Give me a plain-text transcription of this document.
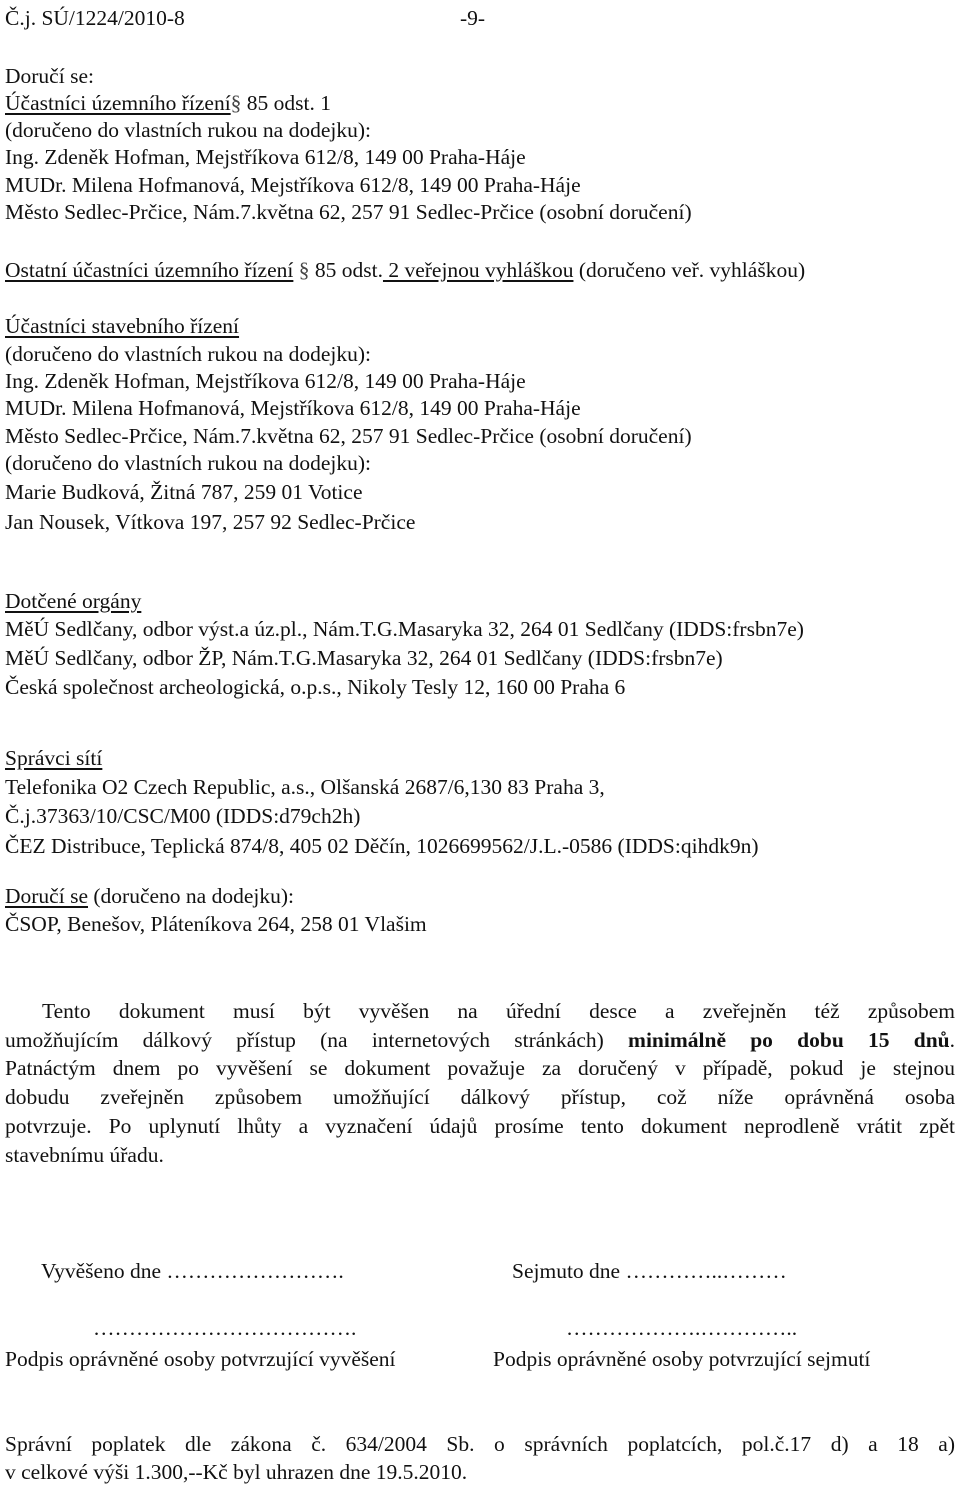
Č.j. SÚ/1224/2010-8	-9-
Doručí se:
Účastníci územního řízení§ 85 odst. 1
(doručeno do vlastních rukou na dodejku):
Ing. Zdeněk Hofman, Mejstříkova 612/8, 149 00 Praha-Háje
MUDr. Milena Hofmanová, Mejstříkova 612/8, 149 00 Praha-Háje
Město Sedlec-Prčice, Nám.7.května 62, 257 91 Sedlec-Prčice (osobní doručení)
Ostatní účastníci územního řízení § 85 odst. 2 veřejnou vyhláškou (doručeno veř. vyhláškou)
Účastníci stavebního řízení
(doručeno do vlastních rukou na dodejku):
Ing. Zdeněk Hofman, Mejstříkova 612/8, 149 00 Praha-Háje
MUDr. Milena Hofmanová, Mejstříkova 612/8, 149 00 Praha-Háje
Město Sedlec-Prčice, Nám.7.května 62, 257 91 Sedlec-Prčice (osobní doručení)
(doručeno do vlastních rukou na dodejku):
Marie Budková, Žitná 787, 259 01 Votice
Jan Nousek, Vítkova 197, 257 92 Sedlec-Prčice
Dotčené orgány
MěÚ Sedlčany, odbor výst.a úz.pl., Nám.T.G.Masaryka 32, 264 01 Sedlčany (IDDS:frsbn7e)
MěÚ Sedlčany, odbor ŽP, Nám.T.G.Masaryka 32, 264 01 Sedlčany (IDDS:frsbn7e)
Česká společnost archeologická, o.p.s., Nikoly Tesly 12, 160 00 Praha 6
Správci sítí
Telefonika O2 Czech Republic, a.s., Olšanská 2687/6,130 83 Praha 3,
Č.j.37363/10/CSC/M00 (IDDS:d79ch2h)
ČEZ Distribuce, Teplická 874/8, 405 02 Děčín, 1026699562/J.L.-0586 (IDDS:qihdk9n)
Doručí se (doručeno na dodejku):
ČSOP, Benešov, Pláteníkova 264, 258 01 Vlašim
Tento dokument musí být vyvěšen na úřední desce a zveřejněn též způsobem
umožňujícím dálkový přístup (na internetových stránkách) minimálně po dobu 15 dnů.
Patnáctým dnem po vyvěšení se dokument považuje za doručený v případě, pokud je stejnou
dobudu zveřejněn způsobem umožňující dálkový přístup, což níže oprávněná osoba
potvrzuje. Po uplynutí lhůty a vyznačení údajů prosíme tento dokument neprodleně vrátit zpět
stavebnímu úřadu.
Vyvěšeno dne …………………….	Sejmuto dne …………..………
……………………………….	……………….…………..
Podpis oprávněné osoby potvrzující vyvěšení	Podpis oprávněné osoby potvrzující sejmutí
Správní poplatek dle zákona č. 634/2004 Sb. o správních poplatcích, pol.č.17 d) a 18 a)
v celkové výši 1.300,--Kč byl uhrazen dne 19.5.2010.
